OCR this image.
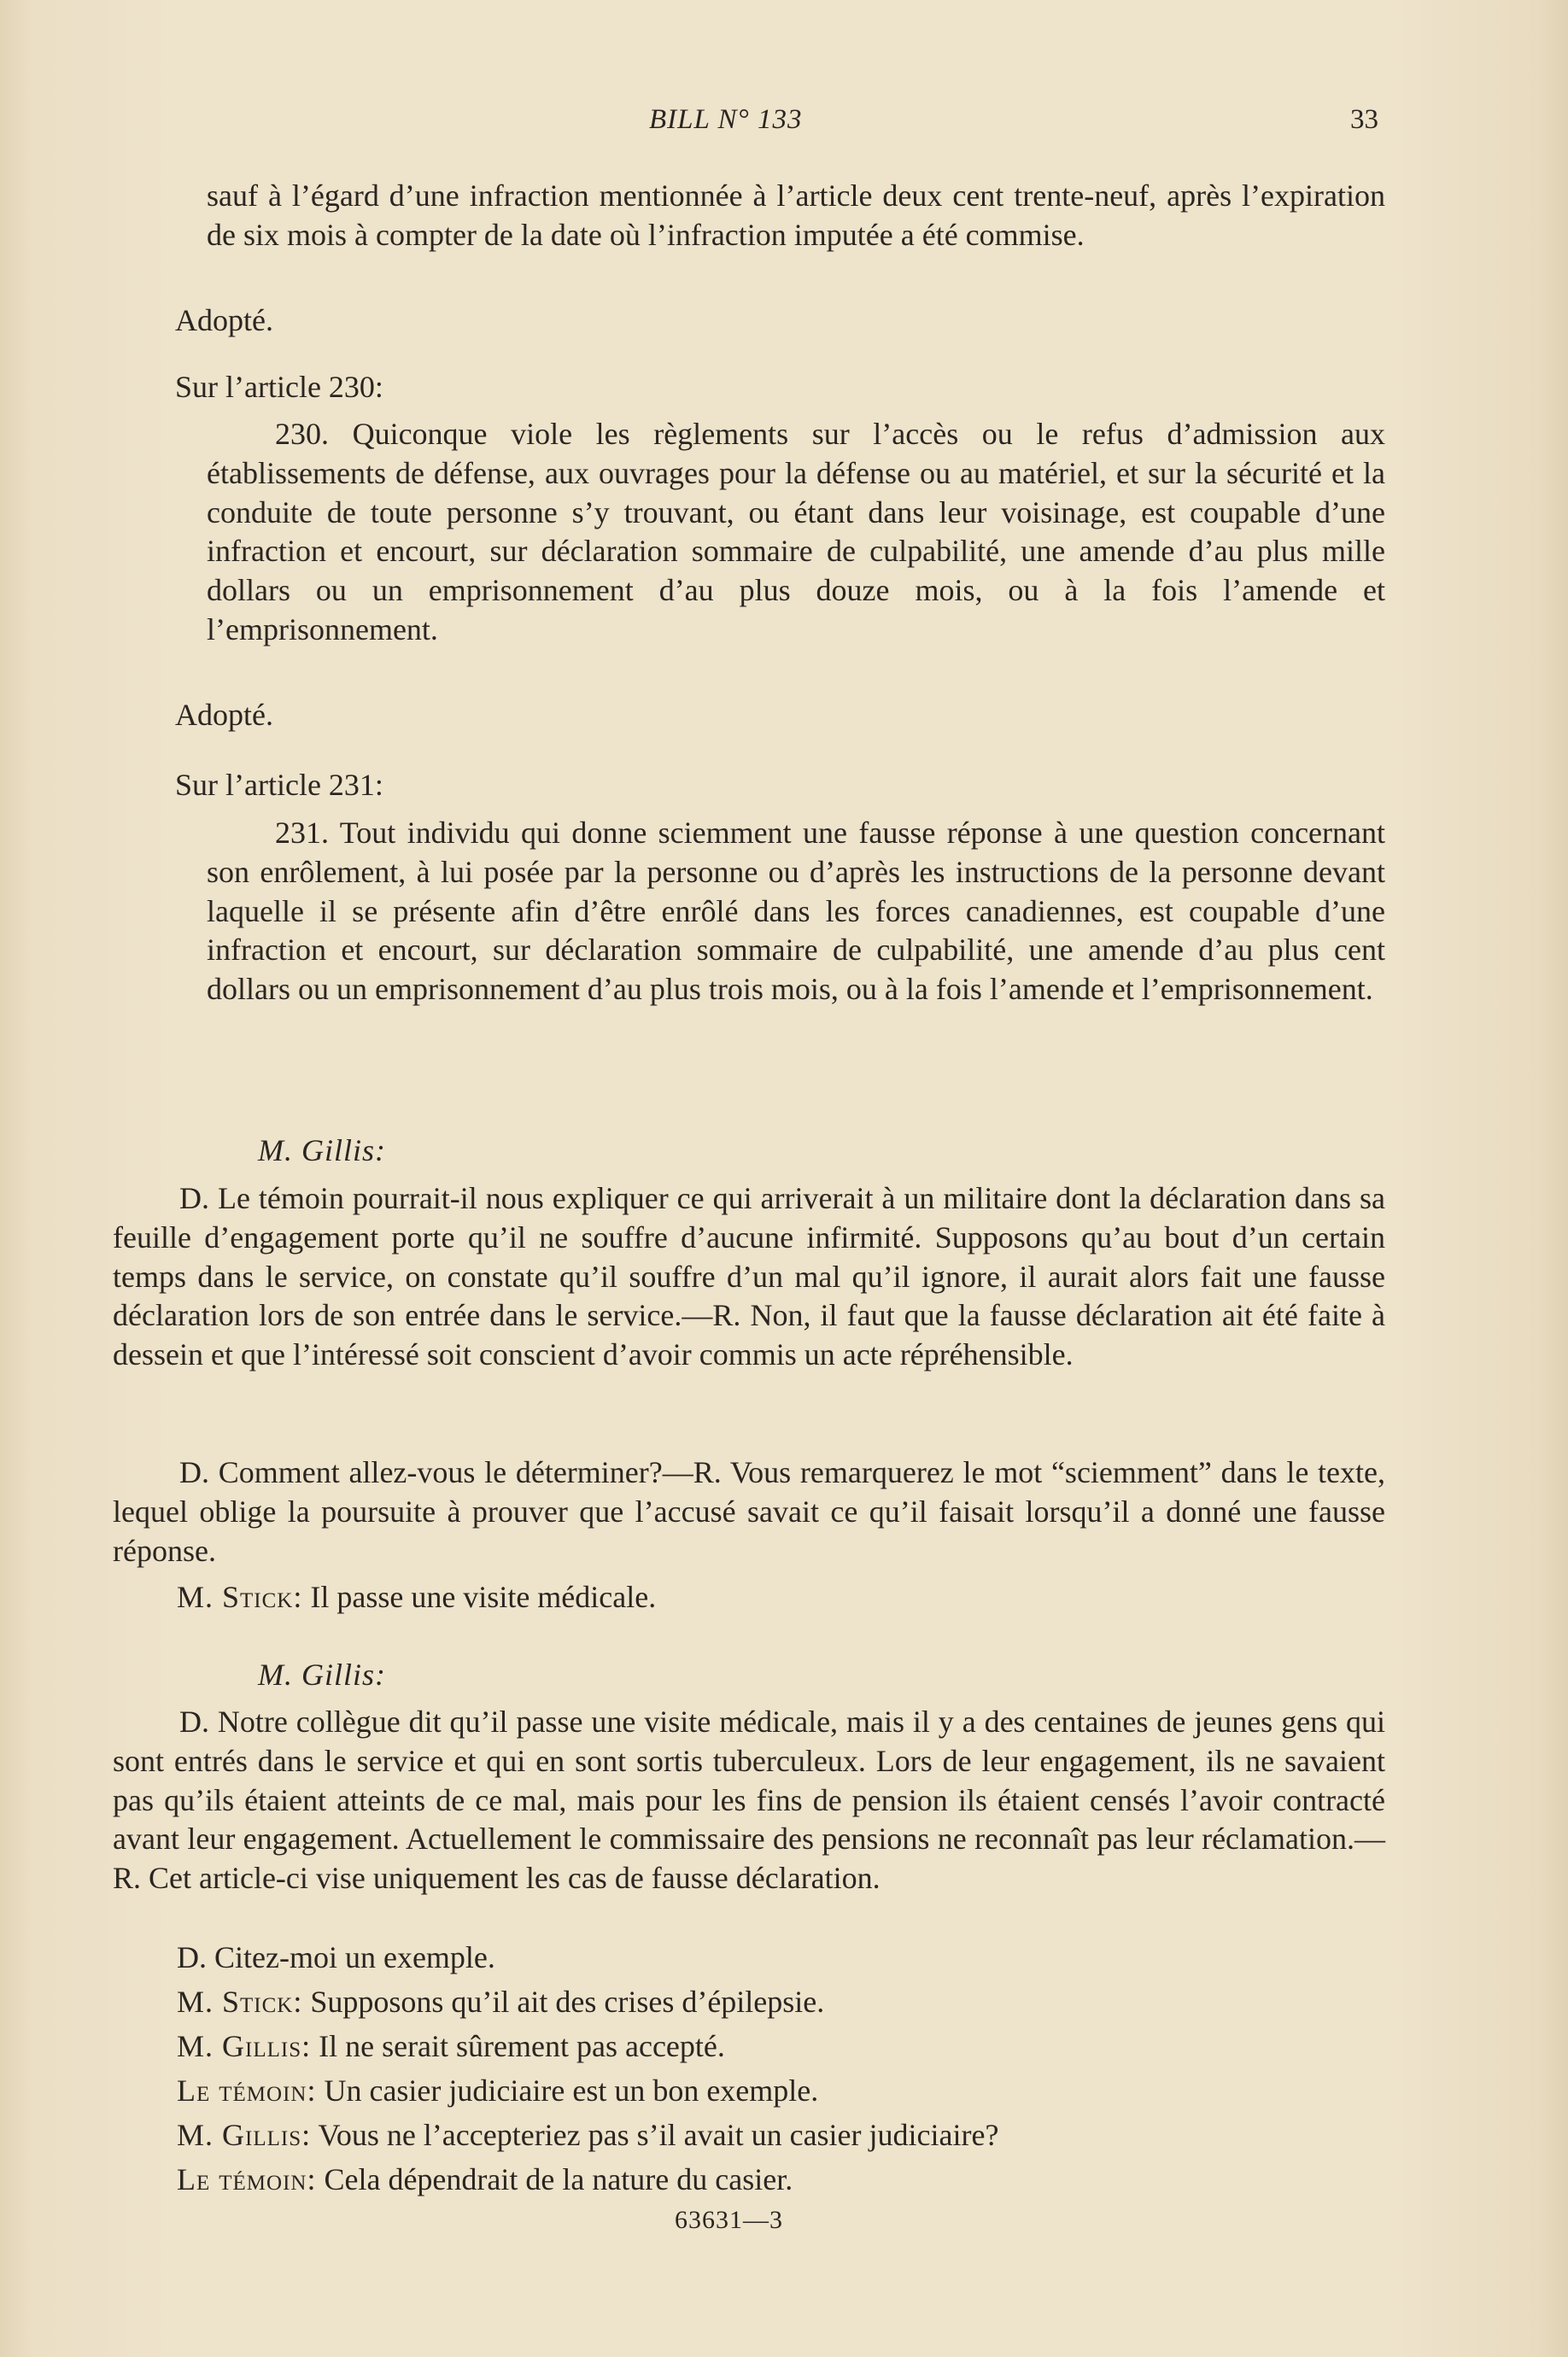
BILL N° 133	33

sauf à l’égard d’une infraction mentionnée à l’article deux cent trente-neuf, après l’expiration de six mois à compter de la date où l’infraction imputée a été commise.

Adopté.

Sur l’article 230:

230. Quiconque viole les règlements sur l’accès ou le refus d’admission aux établissements de défense, aux ouvrages pour la défense ou au matériel, et sur la sécurité et la conduite de toute personne s’y trouvant, ou étant dans leur voisinage, est coupable d’une infraction et encourt, sur déclaration sommaire de culpabilité, une amende d’au plus mille dollars ou un emprisonnement d’au plus douze mois, ou à la fois l’amende et l’emprisonnement.

Adopté.

Sur l’article 231:

231. Tout individu qui donne sciemment une fausse réponse à une question concernant son enrôlement, à lui posée par la personne ou d’après les instructions de la personne devant laquelle il se présente afin d’être enrôlé dans les forces canadiennes, est coupable d’une infraction et encourt, sur déclaration sommaire de culpabilité, une amende d’au plus cent dollars ou un emprisonnement d’au plus trois mois, ou à la fois l’amende et l’emprisonnement.

M. Gillis:

D. Le témoin pourrait-il nous expliquer ce qui arriverait à un militaire dont la déclaration dans sa feuille d’engagement porte qu’il ne souffre d’aucune infirmité. Supposons qu’au bout d’un certain temps dans le service, on constate qu’il souffre d’un mal qu’il ignore, il aurait alors fait une fausse déclaration lors de son entrée dans le service.—R. Non, il faut que la fausse déclaration ait été faite à dessein et que l’intéressé soit conscient d’avoir commis un acte répréhensible.

D. Comment allez-vous le déterminer?—R. Vous remarquerez le mot “sciemment” dans le texte, lequel oblige la poursuite à prouver que l’accusé savait ce qu’il faisait lorsqu’il a donné une fausse réponse.

M. Stick: Il passe une visite médicale.

M. Gillis:

D. Notre collègue dit qu’il passe une visite médicale, mais il y a des centaines de jeunes gens qui sont entrés dans le service et qui en sont sortis tuberculeux. Lors de leur engagement, ils ne savaient pas qu’ils étaient atteints de ce mal, mais pour les fins de pension ils étaient censés l’avoir contracté avant leur engagement. Actuellement le commissaire des pensions ne reconnaît pas leur réclamation.—R. Cet article-ci vise uniquement les cas de fausse déclaration.

D. Citez-moi un exemple.

M. Stick: Supposons qu’il ait des crises d’épilepsie.

M. Gillis: Il ne serait sûrement pas accepté.

Le témoin: Un casier judiciaire est un bon exemple.

M. Gillis: Vous ne l’accepteriez pas s’il avait un casier judiciaire?

Le témoin: Cela dépendrait de la nature du casier.

63631—3
